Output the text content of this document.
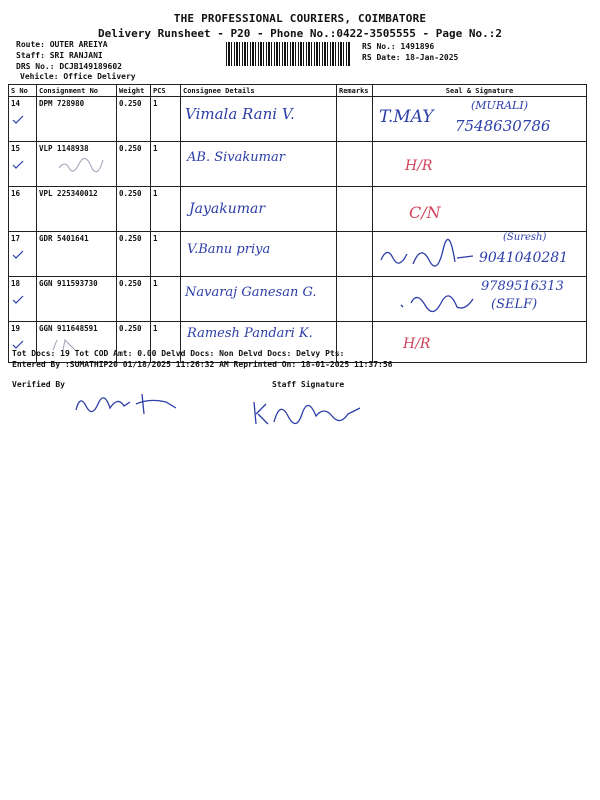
THE PROFESSIONAL COURIERS, COIMBATORE
Delivery Runsheet - P20 - Phone No.:0422-3505555 - Page No.:2
Route: OUTER AREIYA
Staff: SRI RANJANI
DRS No.: DCJB149189602
Vehicle: Office Delivery
RS No.: 1491896
RS Date: 18-Jan-2025
S No	Consignment No	Weight	PCS	Consignee Details	Remarks	Seal & Signature
14	DPM 728980	0.250	1	Vimala Rani V.		T.MAY
(MURALI)
7548630786

15	VLP 1148938	0.250	1	AB. Sivakumar		H/R

16	VPL 225340012	0.250	1	Jayakumar		C/N

17	GDR 5401641	0.250	1	V.Banu priya		(Suresh)
9041040281

18	GGN 911593730	0.250	1	Navaraj Ganesan G.		9789516313
(SELF)

19	GGN 911648591	0.250	1	Ramesh Pandari K.		H/R
Tot Docs: 19 Tot COD Amt: 0.00 Delvd Docs: Non Delvd Docs: Delvy Pts:
Entered By :SUMATHIP20 01/18/2025 11:26:32 AM Reprinted On: 18-01-2025 11:37:56
Verified By	Staff Signature
